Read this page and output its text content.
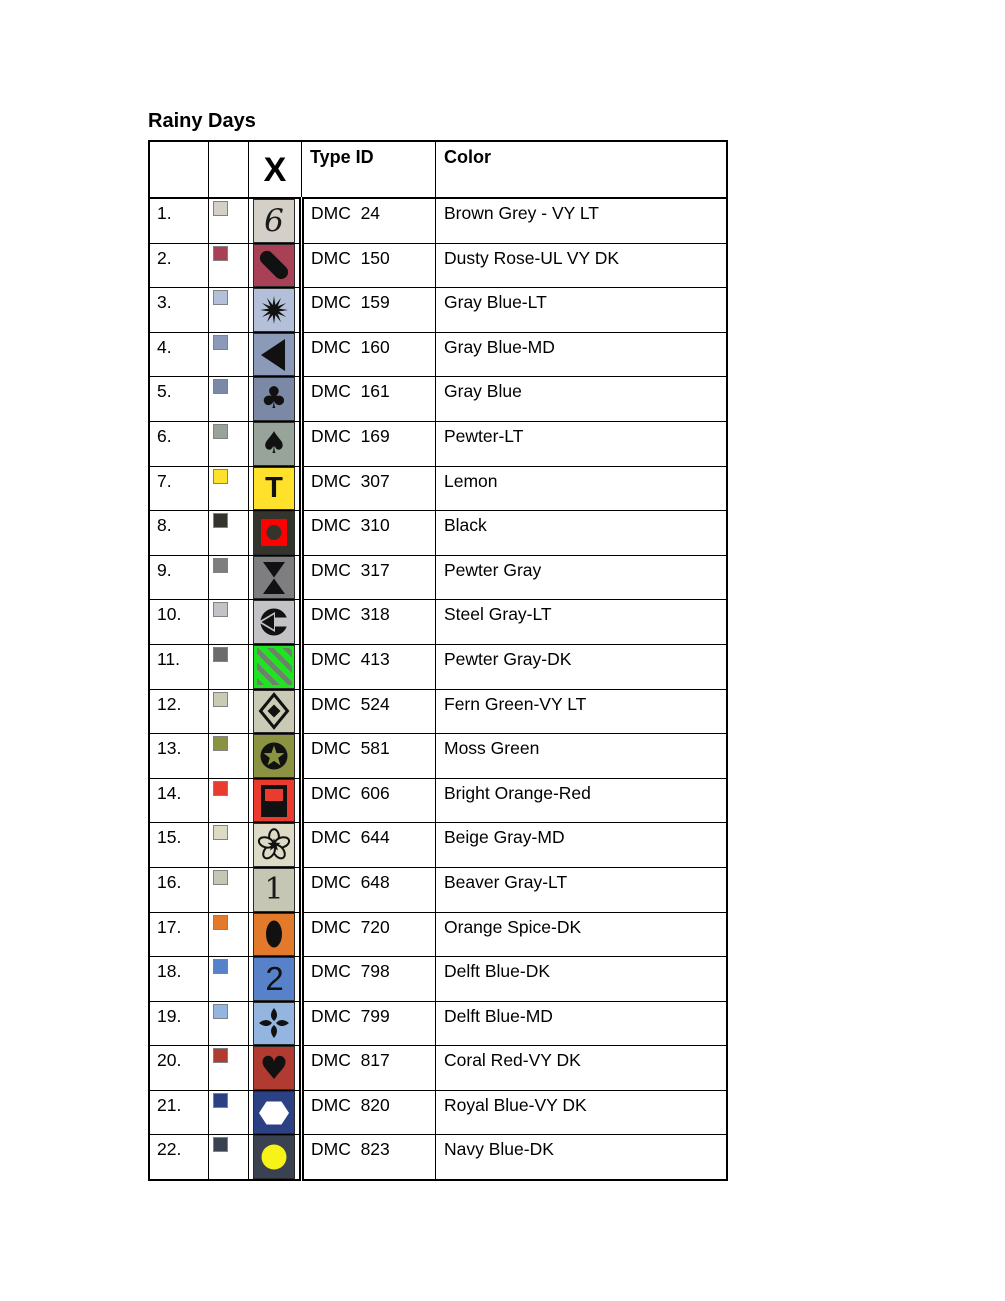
Rainy Days
		X	Type ID	Color
1.		6	DMC  24	Brown Grey - VY LT
2.			DMC  150	Dusty Rose-UL VY DK
3.			DMC  159	Gray Blue-LT
4.			DMC  160	Gray Blue-MD
5.		♣	DMC  161	Gray Blue
6.		♠	DMC  169	Pewter-LT
7.		T	DMC  307	Lemon
8.			DMC  310	Black
9.			DMC  317	Pewter Gray
10.			DMC  318	Steel Gray-LT
11.			DMC  413	Pewter Gray-DK
12.			DMC  524	Fern Green-VY LT
13.			DMC  581	Moss Green
14.			DMC  606	Bright Orange-Red
15.			DMC  644	Beige Gray-MD
16.		1	DMC  648	Beaver Gray-LT
17.			DMC  720	Orange Spice-DK
18.		2	DMC  798	Delft Blue-DK
19.			DMC  799	Delft Blue-MD
20.		♥	DMC  817	Coral Red-VY DK
21.			DMC  820	Royal Blue-VY DK
22.			DMC  823	Navy Blue-DK
